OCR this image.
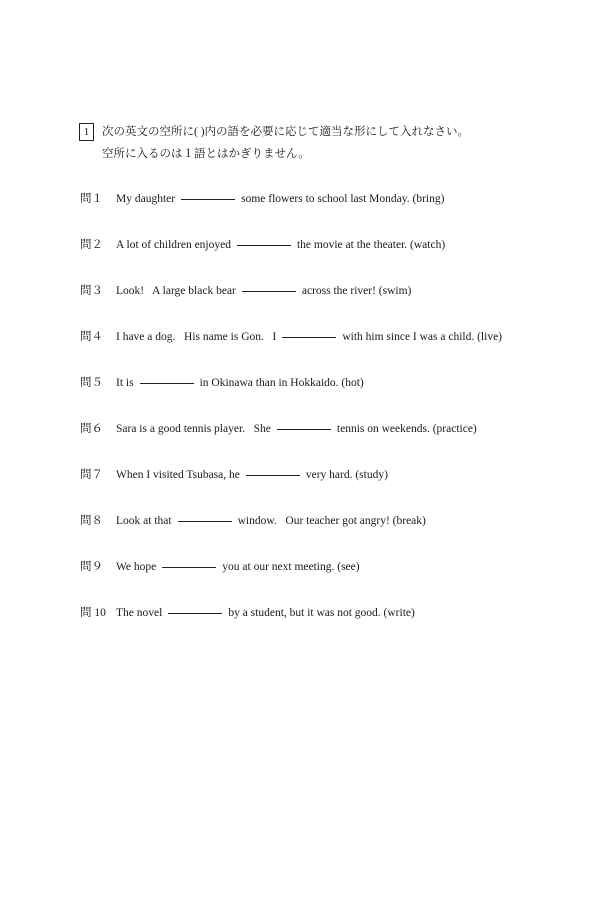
1	次の英文の空所に( )内の語を必要に応じて適当な形にして入れなさい。
空所に入るのは１語とはかぎりません。
問１	My daughter	some flowers to school last Monday. (bring)
問２	A lot of children enjoyed	the movie at the theater. (watch)
問３	Look!   A large black bear	across the river! (swim)
問４	I have a dog.   His name is Gon.   I	with him since I was a child. (live)
問５	It is	in Okinawa than in Hokkaido. (hot)
問６	Sara is a good tennis player.   She	tennis on weekends. (practice)
問７	When I visited Tsubasa, he	very hard. (study)
問８	Look at that	window.   Our teacher got angry! (break)
問９	We hope	you at our next meeting. (see)
問 10 The novel	by a student, but it was not good. (write)
